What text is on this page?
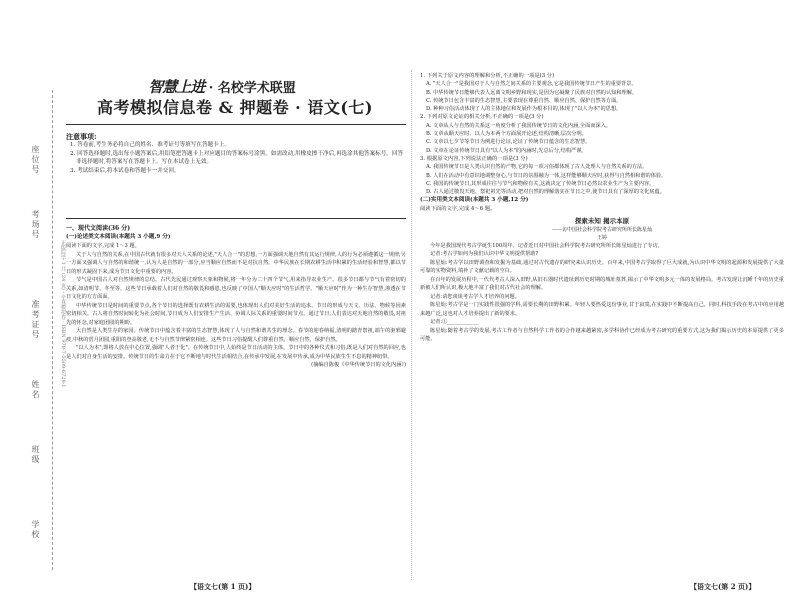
座位号
考场号
准考证号
姓名
班级
学校
正版际学 1 共 (24 页) · 全真模拟卷 · ISBN 978-7-5509-6729-1
智慧上进 · 名校学术联盟
高考模拟信息卷 & 押题卷 · 语文(七)
注意事项:

1. 答卷前,考生务必将自己的姓名、准考证号等填写在答题卡上。

2. 回答选择题时,选出每小题答案后,用铅笔把答题卡上对应题目的答案标号涂黑。如需改动,用橡皮擦干净后,再选涂其他答案标号。回答非选择题时,将答案写在答题卡上。写在本试卷上无效。

3. 考试结束后,将本试卷和答题卡一并交回。

一、现代文阅读(36 分)

(一)论述类文本阅读(本题共 3 小题,9 分)

阅读下面的文字,完成 1～3 题。

关于人与自然的关系,在中国古代就有很多对天人关系的论述,"天人合一"的思想,一方面强调天地自然有其运行规律,人的行为必须遵循这一规律;另一方面又强调人与自然的和谐统一,认为人是自然的一部分,应当顺应自然而不是对抗自然。中华民族在长期农耕生活中积累的生活经验和智慧,都以节日的形式凝固下来,成为节日文化中重要的内容。

节气是中国古人对自然规律的总结。古代先民通过观察天象和物候,将一年分为二十四个节气,用来指导农业生产。很多节日都与节气有着密切的关系,如清明节、冬至等。这些节日承载着人们对自然的敬畏和感恩,也反映了中国人"顺天应时"的生活哲学。"顺天应时"作为一种生存智慧,渗透在节日文化的方方面面。

中华传统节日是时间的重要节点,各个节日的选择既有农耕生活的需要,也体现出人们对美好生活的追求。节日的形成与天文、历法、物候等因素密切相关。古人将自然时间转化为社会时间,节日成为人们安排生产生活、协调人际关系的重要时间节点。通过节日,人们表达对天地自然的敬畏,对祖先的怀念,对家庭团圆的期盼。

大自然是人类生存的家园。传统节日中蕴含着丰富的生态智慧,体现了人与自然和谐共生的理念。春节的迎春纳福,清明的踏青祭祖,端午的驱邪避疫,中秋的赏月团圆,重阳的登高敬老,无不与自然节律紧密相连。这些节日习俗提醒人们尊重自然、顺应自然、保护自然。

"以人为本",即将人放在中心位置,强调"人者于化"。在传统节日中,人始终是节日活动的主体。节日中的各种仪式和习俗,既是人们对自然的回应,也是人们对自身生活的安排。传统节日的生命力在于它不断地与时代生活相结合,在传承中发展,在发展中传承,成为中华民族生生不息的精神纽带。

(摘编自陈俊《中华传统节日的文化内涵》)

【语文七(第 1 页)】

1. 下列关于原文内容的理解和分析,不正确的一项是(3 分)

A. "天人合一"是我国对于人与自然之间关系的主要观念,它是我国传统节日产生的重要背景。

B. 中华传统节日能够代表人远离文明乡野和现实,是因为它凝聚了民族对自然的认知和理解。

C. 传统节日包含丰富的生态智慧,主要表现在尊重自然、顺应自然、保护自然等方面。

D. 种种习俗活动体现了人的主体地位和发展作为根本目的,体现了"以人为本"的思想。

2. 下列对原文论证的相关分析,不正确的一项是(3 分)

A. 文章从人与自然的关系这一角度分析了我国传统节日的文化内涵,全面而深入。

B. 文章从顺天应时、以人为本两个方面展开论述,结构清晰,层次分明。

C. 文章以七夕节等节日为例进行论证,论证了传统节日蕴含的生态智慧。

D. 文章在论证传统节日具有"以人为本"的内涵时,先总后分,结构严谨。

3. 根据原文内容,下列说法正确的一项是(3 分)

A. 我国传统节日是人类认识自然的产物,它的每一项习俗都体现了古人处理人与自然关系的方法。

B. 人们在活动中有意识地调整身心,与节日的氛围融为一体,这样能够顺天应时,获得与自然相和谐的体验。

C. 我国的传统节日,其形成往往与节气和物候有关,这就决定了传统节日必然以农业生产为主要内容。

D. 古人通过敬畏天地、祭祀祖先等活动,把对自然的理解落实在节日之中,使节日具有了深厚的文化底蕴。

(二)实用类文本阅读(本题共 3 小题,12 分)

阅读下面的文字,完成 4～6 题。

探索未知 揭示本原

——访中国社会科学院考古研究所所长陈星灿

王婷

今年是我国现代考古学诞生100周年。记者近日对中国社会科学院考古研究所所长陈星灿进行了专访。

记者:考古学如何为我们认识中华文明提供帮助?

陈星灿:考古学以田野调查和发掘为基础,通过对古代遗存的研究来认识历史。百年来,中国考古学取得了巨大成就,为认识中华文明的起源和发展提供了大量可靠的实物资料,填补了文献记载的空白。

在百年的发展历程中,一代代考古人深入田野,从旧石器时代遗址到历史时期的城址墓葬,揭示了中华文明多元一体的发展格局。考古发现让沉睡千年的历史重新被人们所认识,极大地丰富了我们对古代社会的理解。

记者:请您谈谈考古学人才培养的问题。

陈星灿:考古学是一门实践性很强的学科,需要长期的田野积累。年轻人要热爱这份事业,甘于寂寞,在实践中不断提高自己。同时,科技手段在考古中的应用越来越广泛,这也对人才培养提出了新的要求。

记者:①____________

陈星灿:随着考古学的发展,考古工作者与自然科学工作者的合作越来越紧密,多学科协作已经成为考古研究的重要方式,这为我们揭示历史的本原提供了更多可能。

【语文七(第 2 页)】
